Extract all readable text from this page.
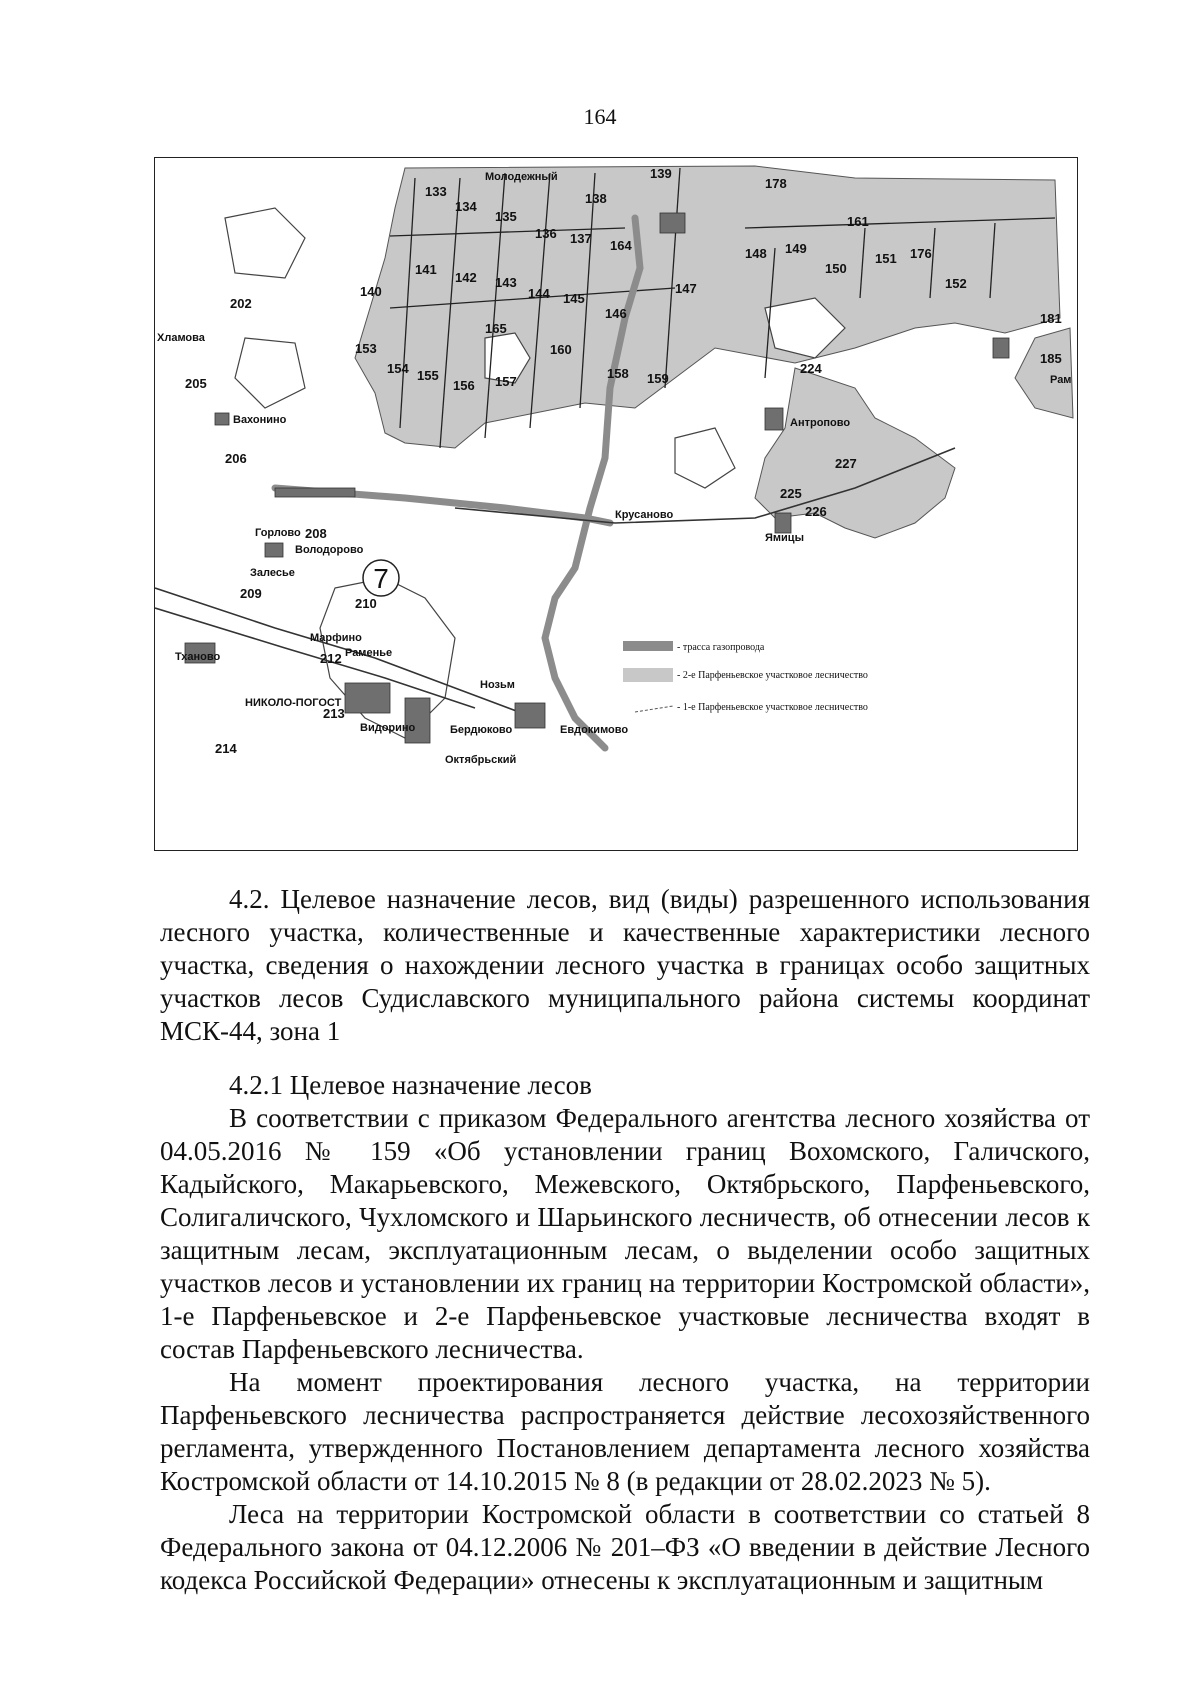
164
133
134
135
136 137
138
139
140
141
142 143
144 145
146
147
148 149
150
151
152
153
154 155
156 157
158 159
160
161
164
165
176
178
181
185
202
205
206
208
209
210
212
213
214
224
225
226
227
Молодежный
Вахонино	Антропово
Крусаново
Горлово
Володорово
Залесье
Марфино
Нозьм
Бердюково	Евдокимово
Видорино
Октябрьский
НИКОЛО-ПОГОСТ
Ямицы
Рам
Хламова
Тханово	Раменье
7
- трасса газопровода
- 2-е Парфеньевское участковое лесничество
- 1-е Парфеньевское участковое лесничество

4.2. Целевое назначение лесов, вид (виды) разрешенного использования лесного участка, количественные и качественные характеристики лесного участка, сведения о нахождении лесного участка в границах особо защитных участков лесов Судиславского муниципального района системы координат МСК-44, зона 1

4.2.1 Целевое назначение лесов

В соответствии с приказом Федерального агентства лесного хозяйства от 04.05.2016 № 159 «Об установлении границ Вохомского, Галичского, Кадыйского, Макарьевского, Межевского, Октябрьского, Парфеньевского, Солигаличского, Чухломского и Шарьинского лесничеств, об отнесении лесов к защитным лесам, эксплуатационным лесам, о выделении особо защитных участков лесов и установлении их границ на территории Костромской области», 1-е Парфеньевское и 2-е Парфеньевское участковые лесничества входят в состав Парфеньевского лесничества.

На момент проектирования лесного участка, на территории Парфеньевского лесничества распространяется действие лесохозяйственного регламента, утвержденного Постановлением департамента лесного хозяйства Костромской области от 14.10.2015 № 8 (в редакции от 28.02.2023 № 5).

Леса на территории Костромской области в соответствии со статьей 8 Федерального закона от 04.12.2006 № 201–ФЗ «О введении в действие Лесного кодекса Российской Федерации» отнесены к эксплуатационным и защитным
